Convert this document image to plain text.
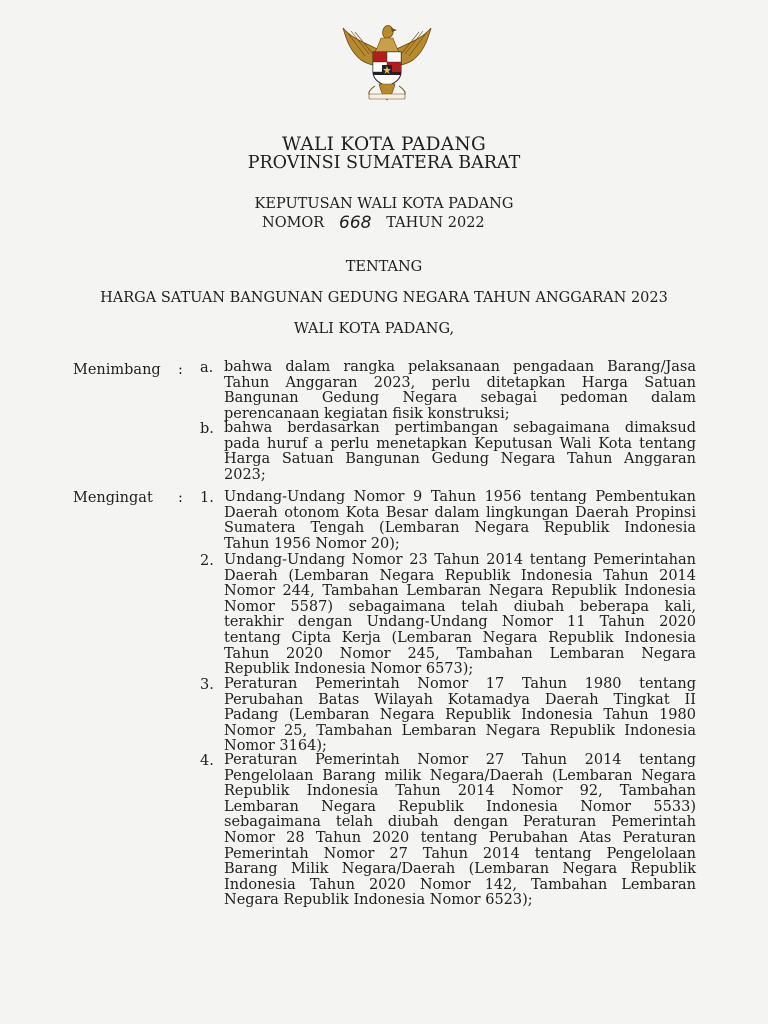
WALI KOTA PADANG
PROVINSI SUMATERA BARAT
KEPUTUSAN WALI KOTA PADANG
NOMOR 668 TAHUN 2022
TENTANG
HARGA SATUAN BANGUNAN GEDUNG NEGARA TAHUN ANGGARAN 2023
WALI KOTA PADANG,
Menimbang : a. bahwa dalam rangka pelaksanaan pengadaan Barang/Jasa
Tahun Anggaran 2023, perlu ditetapkan Harga Satuan
Bangunan Gedung Negara sebagai pedoman dalam
perencanaan kegiatan fisik konstruksi;
b. bahwa berdasarkan pertimbangan sebagaimana dimaksud
pada huruf a perlu menetapkan Keputusan Wali Kota tentang
Harga Satuan Bangunan Gedung Negara Tahun Anggaran
2023;
Mengingat : 1. Undang-Undang Nomor 9 Tahun 1956 tentang Pembentukan
Daerah otonom Kota Besar dalam lingkungan Daerah Propinsi
Sumatera Tengah (Lembaran Negara Republik Indonesia
Tahun 1956 Nomor 20);
2. Undang-Undang Nomor 23 Tahun 2014 tentang Pemerintahan
Daerah (Lembaran Negara Republik Indonesia Tahun 2014
Nomor 244, Tambahan Lembaran Negara Republik Indonesia
Nomor 5587) sebagaimana telah diubah beberapa kali,
terakhir dengan Undang-Undang Nomor 11 Tahun 2020
tentang Cipta Kerja (Lembaran Negara Republik Indonesia
Tahun 2020 Nomor 245, Tambahan Lembaran Negara
Republik Indonesia Nomor 6573);
3. Peraturan Pemerintah Nomor 17 Tahun 1980 tentang
Perubahan Batas Wilayah Kotamadya Daerah Tingkat II
Padang (Lembaran Negara Republik Indonesia Tahun 1980
Nomor 25, Tambahan Lembaran Negara Republik Indonesia
Nomor 3164);
4. Peraturan Pemerintah Nomor 27 Tahun 2014 tentang
Pengelolaan Barang milik Negara/Daerah (Lembaran Negara
Republik Indonesia Tahun 2014 Nomor 92, Tambahan
Lembaran Negara Republik Indonesia Nomor 5533)
sebagaimana telah diubah dengan Peraturan Pemerintah
Nomor 28 Tahun 2020 tentang Perubahan Atas Peraturan
Pemerintah Nomor 27 Tahun 2014 tentang Pengelolaan
Barang Milik Negara/Daerah (Lembaran Negara Republik
Indonesia Tahun 2020 Nomor 142, Tambahan Lembaran
Negara Republik Indonesia Nomor 6523);
